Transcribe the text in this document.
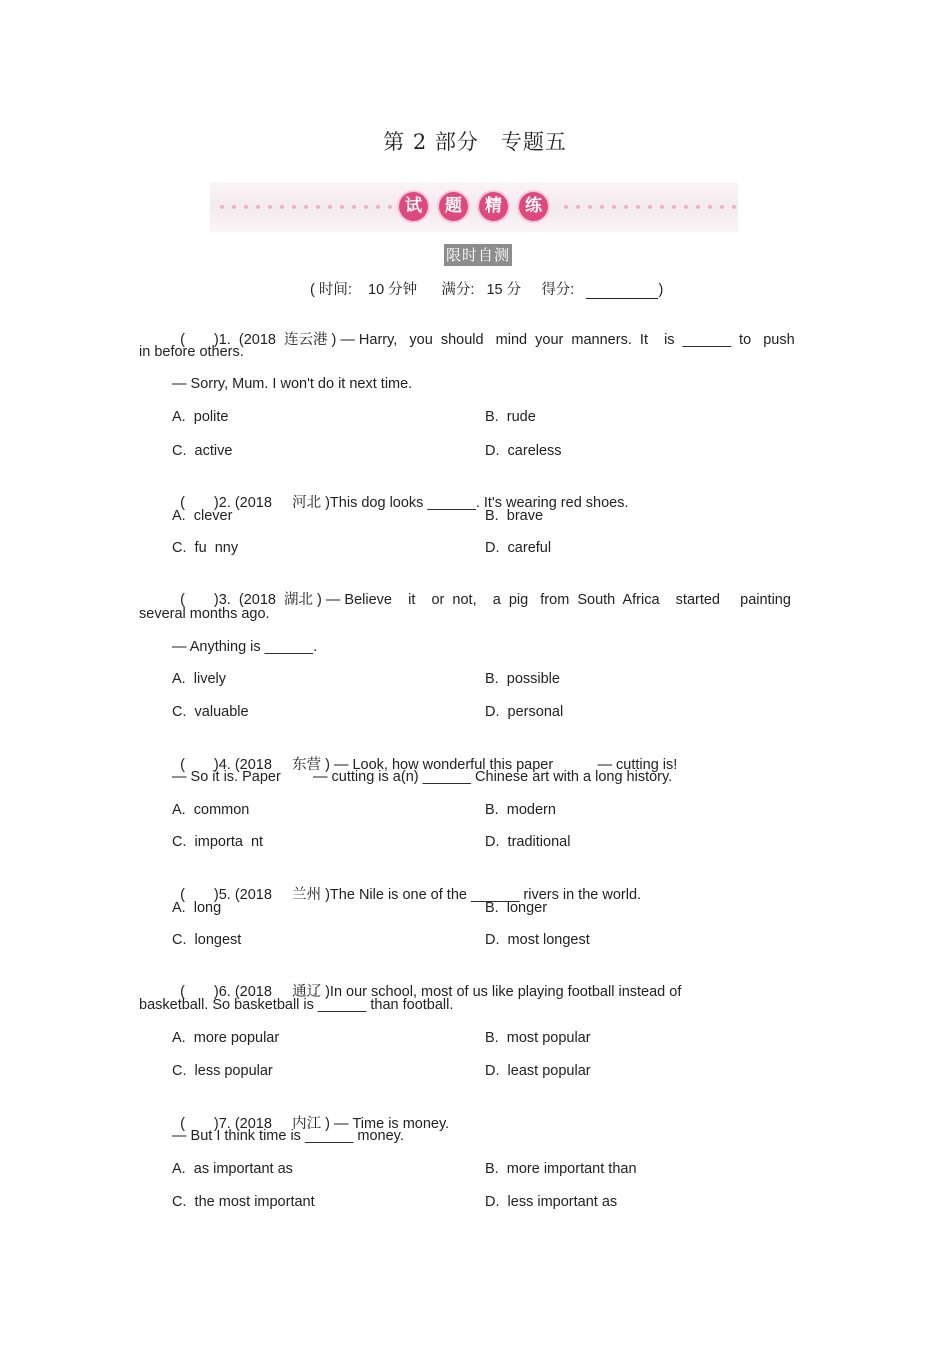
第 2 部分　专题五
试	题	精	练
限时自测
( 时间: 10 分钟 满分: 15 分 得分:	)

(　　)1. (2018  连云港 ) — Harry,   you  should   mind  your  manners.  It    is  ______  to   push

in before others.
— Sorry, Mum. I won't do it next time.
A.  polite	B.  rude
C.  active	D.  careless

(　　)2. (2018     河北 )This dog looks ______. It's wearing red shoes.

A.  clever	B.  brave
C.  fu  nny	D.  careful

(　　)3. (2018  湖北 ) — Believe    it    or  not,    a  pig   from  South  Africa    started     painting

several months ago.
— Anything is ______.
A.  lively	B.  possible
C.  valuable	D.  personal

(　　)4. (2018     东营 ) — Look, how wonderful this paper           — cutting is!

— So it is. Paper        — cutting is a(n) ______ Chinese art with a long history.
A.  common	B.  modern
C.  importa  nt	D.  traditional

(　　)5. (2018     兰州 )The Nile is one of the ______ rivers in the world.

A.  long	B.  longer
C.  longest	D.  most longest

(　　)6. (2018     通辽 )In our school, most of us like playing football instead of

basketball. So basketball is ______ than football.
A.  more popular	B.  most popular
C.  less popular	D.  least popular

(　　)7. (2018     内江 ) — Time is money.

— But I think time is ______ money.
A.  as important as	B.  more important than
C.  the most important	D.  less important as
